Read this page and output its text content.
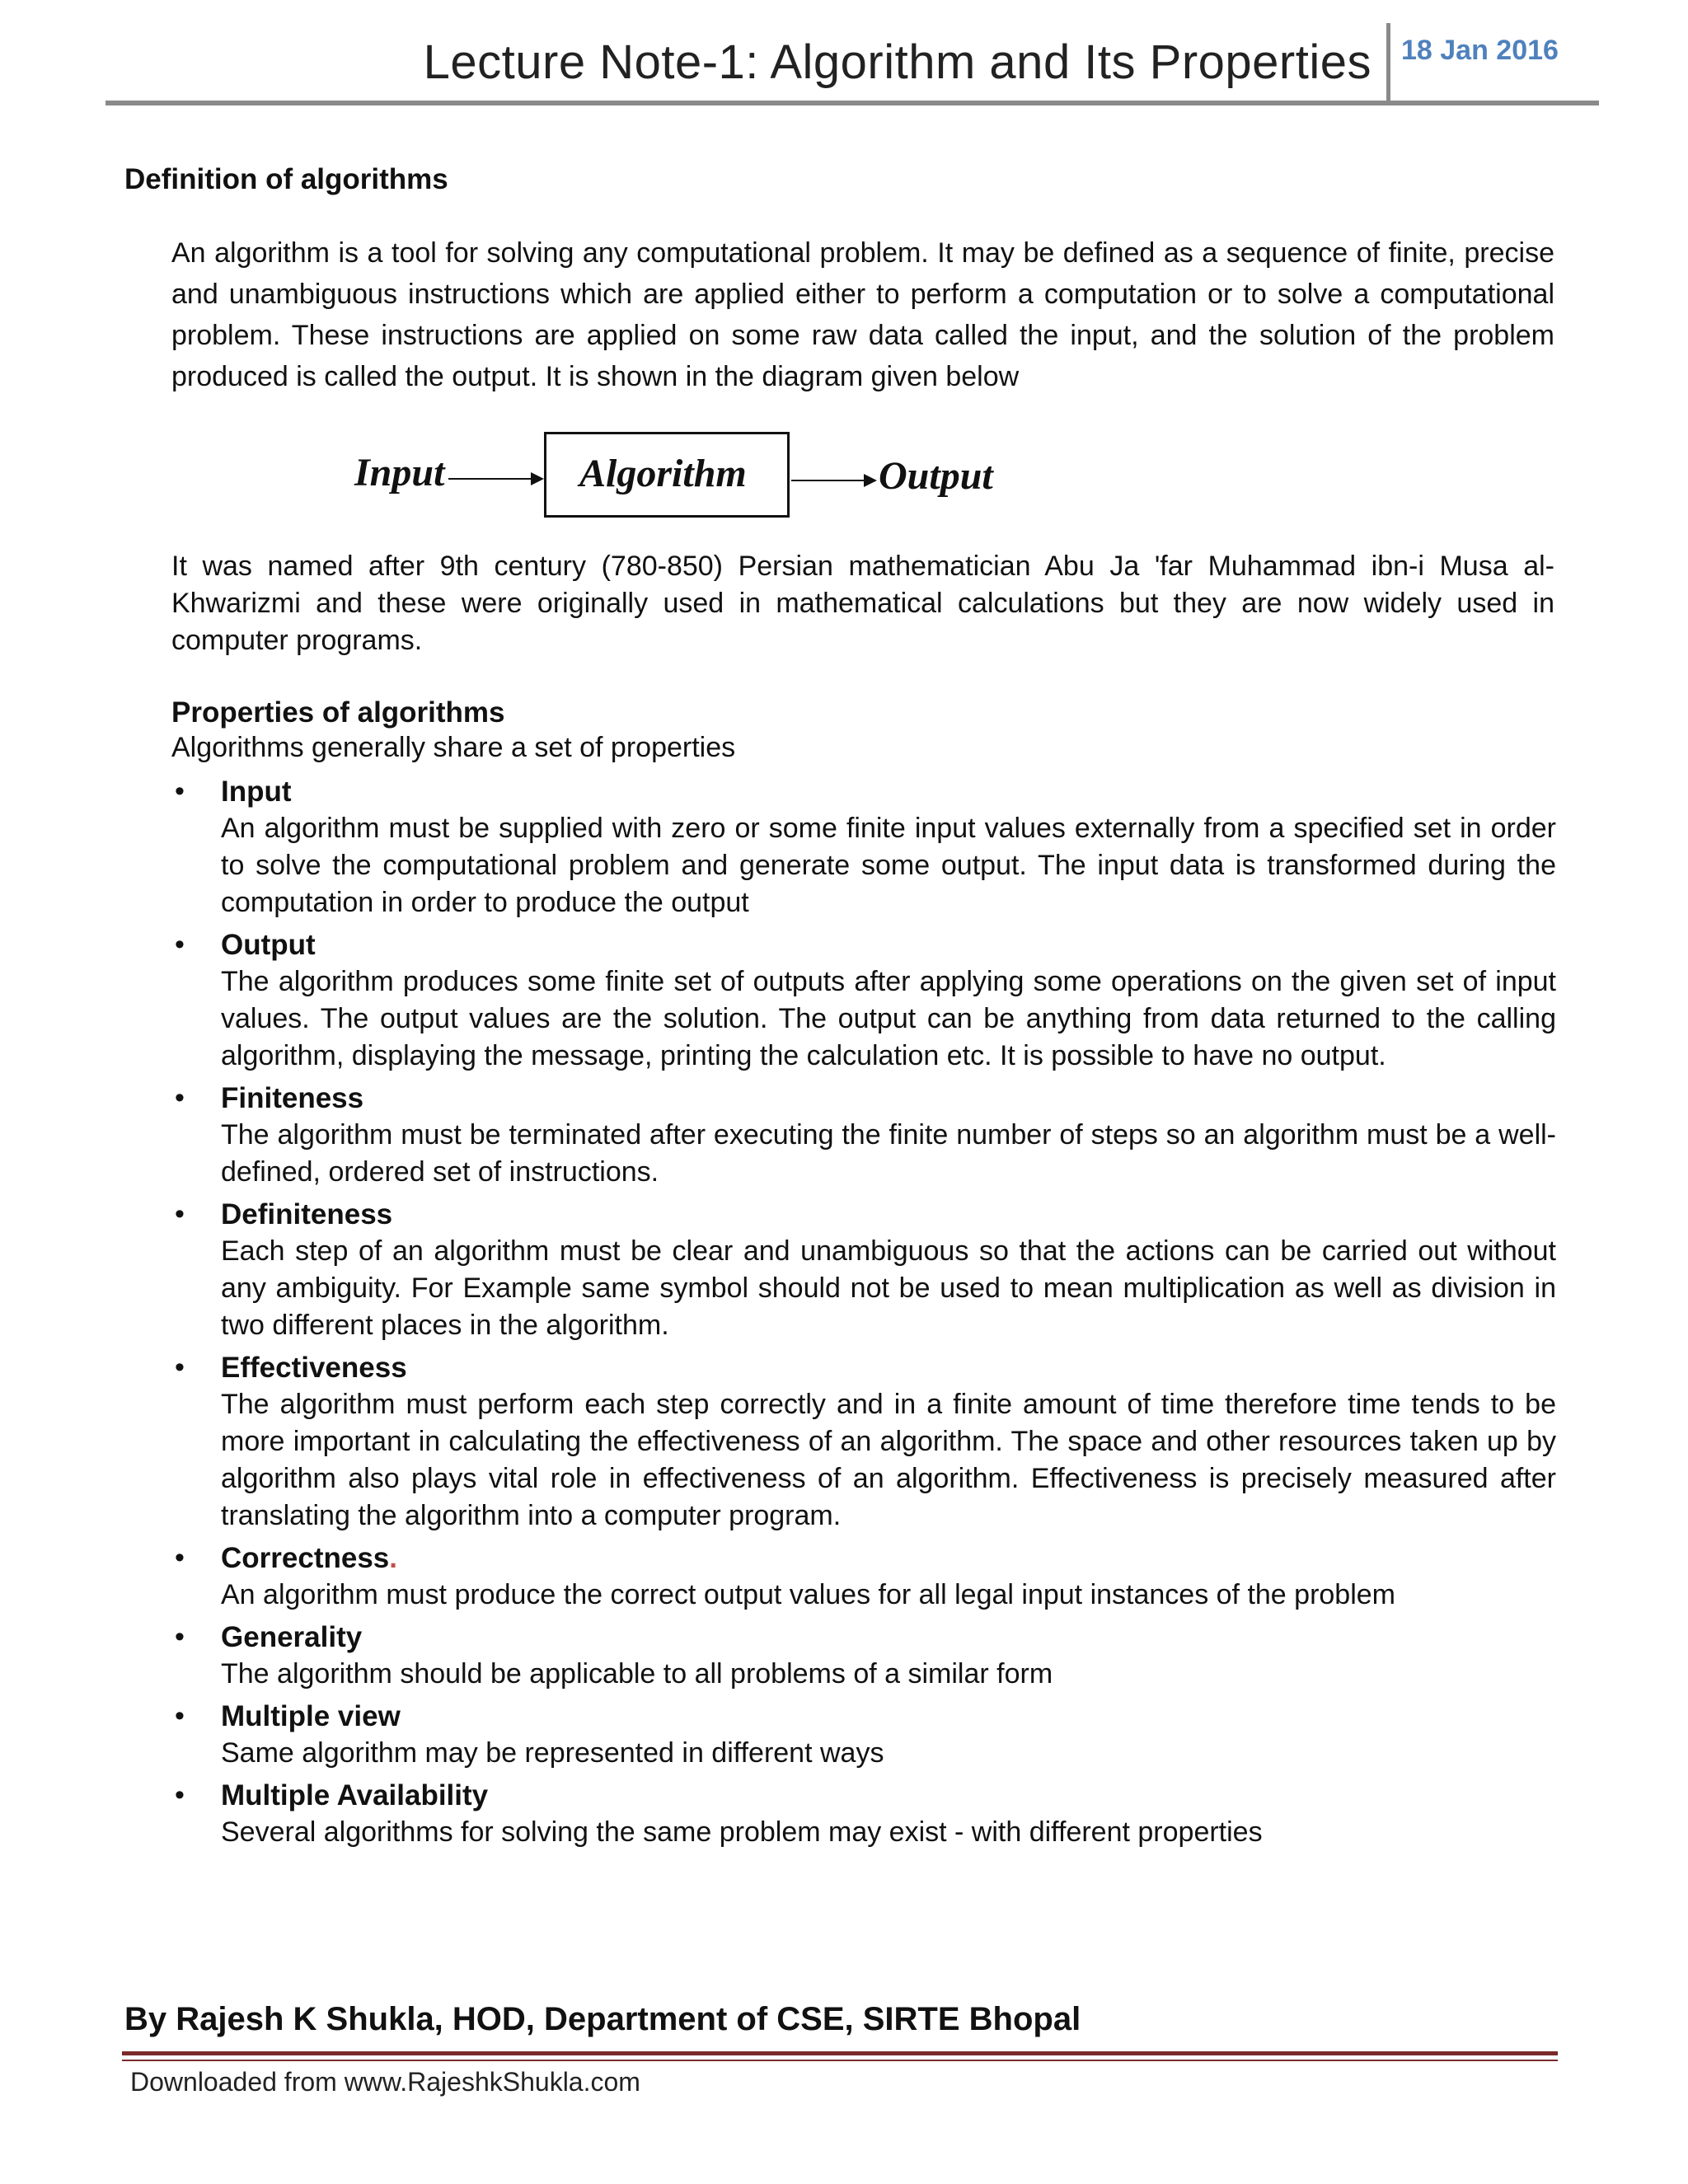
Lecture Note-1: Algorithm and Its Properties 18 Jan 2016
Definition of algorithms

An algorithm is a tool for solving any computational problem. It may be defined as a sequence of finite, precise and unambiguous instructions which are applied either to perform a computation or to solve a computational problem. These instructions are applied on some raw data called the input, and the solution of the problem produced is called the output. It is shown in the diagram given below

Input	Algorithm	Output

It was named after 9th century (780-850) Persian mathematician Abu Ja 'far Muhammad ibn-i Musa al-Khwarizmi and these were originally used in mathematical calculations but they are now widely used in computer programs.

Properties of algorithms
Algorithms generally share a set of properties
• Input
An algorithm must be supplied with zero or some finite input values externally from a specified set in order to solve the computational problem and generate some output. The input data is transformed during the computation in order to produce the output
• Output
The algorithm produces some finite set of outputs after applying some operations on the given set of input values. The output values are the solution. The output can be anything from data returned to the calling algorithm, displaying the message, printing the calculation etc. It is possible to have no output.
• Finiteness
The algorithm must be terminated after executing the finite number of steps so an algorithm must be a well-defined, ordered set of instructions.
• Definiteness
Each step of an algorithm must be clear and unambiguous so that the actions can be carried out without any ambiguity. For Example same symbol should not be used to mean multiplication as well as division in two different places in the algorithm.
• Effectiveness
The algorithm must perform each step correctly and in a finite amount of time therefore time tends to be more important in calculating the effectiveness of an algorithm. The space and other resources taken up by algorithm also plays vital role in effectiveness of an algorithm. Effectiveness is precisely measured after translating the algorithm into a computer program.
• Correctness.
An algorithm must produce the correct output values for all legal input instances of the problem
• Generality
The algorithm should be applicable to all problems of a similar form
• Multiple view
Same algorithm may be represented in different ways
• Multiple Availability
Several algorithms for solving the same problem may exist - with different properties
By Rajesh K Shukla, HOD, Department of CSE, SIRTE Bhopal
Downloaded from www.RajeshkShukla.com
